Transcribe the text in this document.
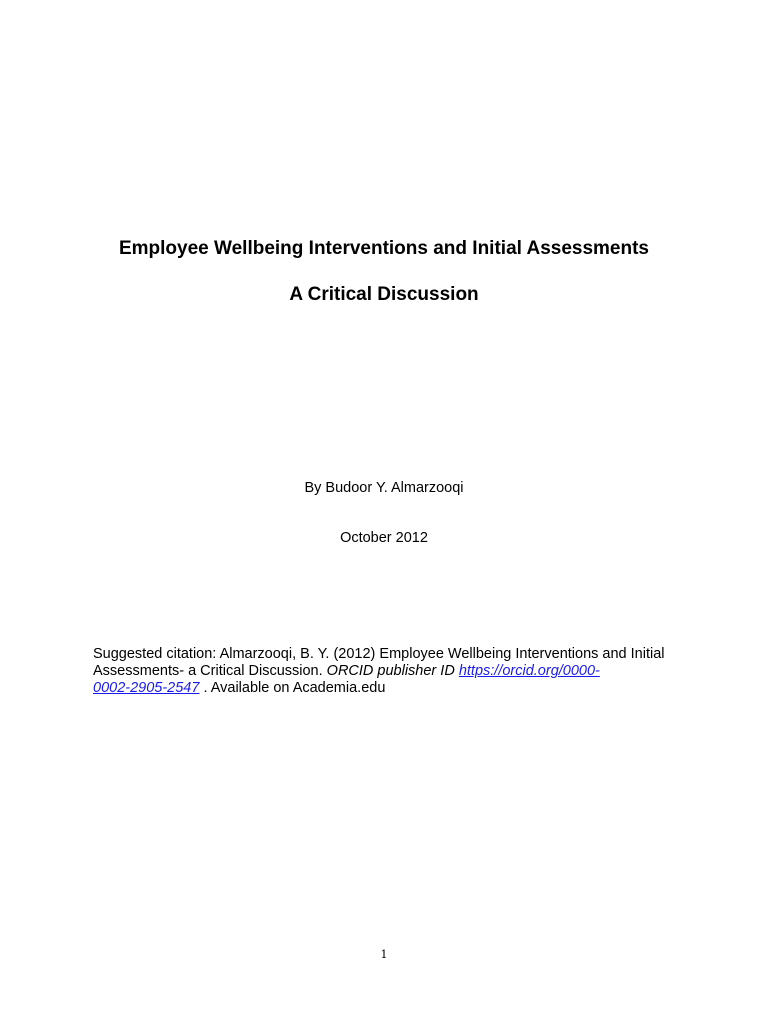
Employee Wellbeing Interventions and Initial Assessments
A Critical Discussion
By Budoor Y. Almarzooqi
October 2012
Suggested citation: Almarzooqi, B. Y. (2012) Employee Wellbeing Interventions and Initial Assessments- a Critical Discussion. ORCID publisher ID https://orcid.org/0000-
0002-2905-2547 . Available on Academia.edu
1
